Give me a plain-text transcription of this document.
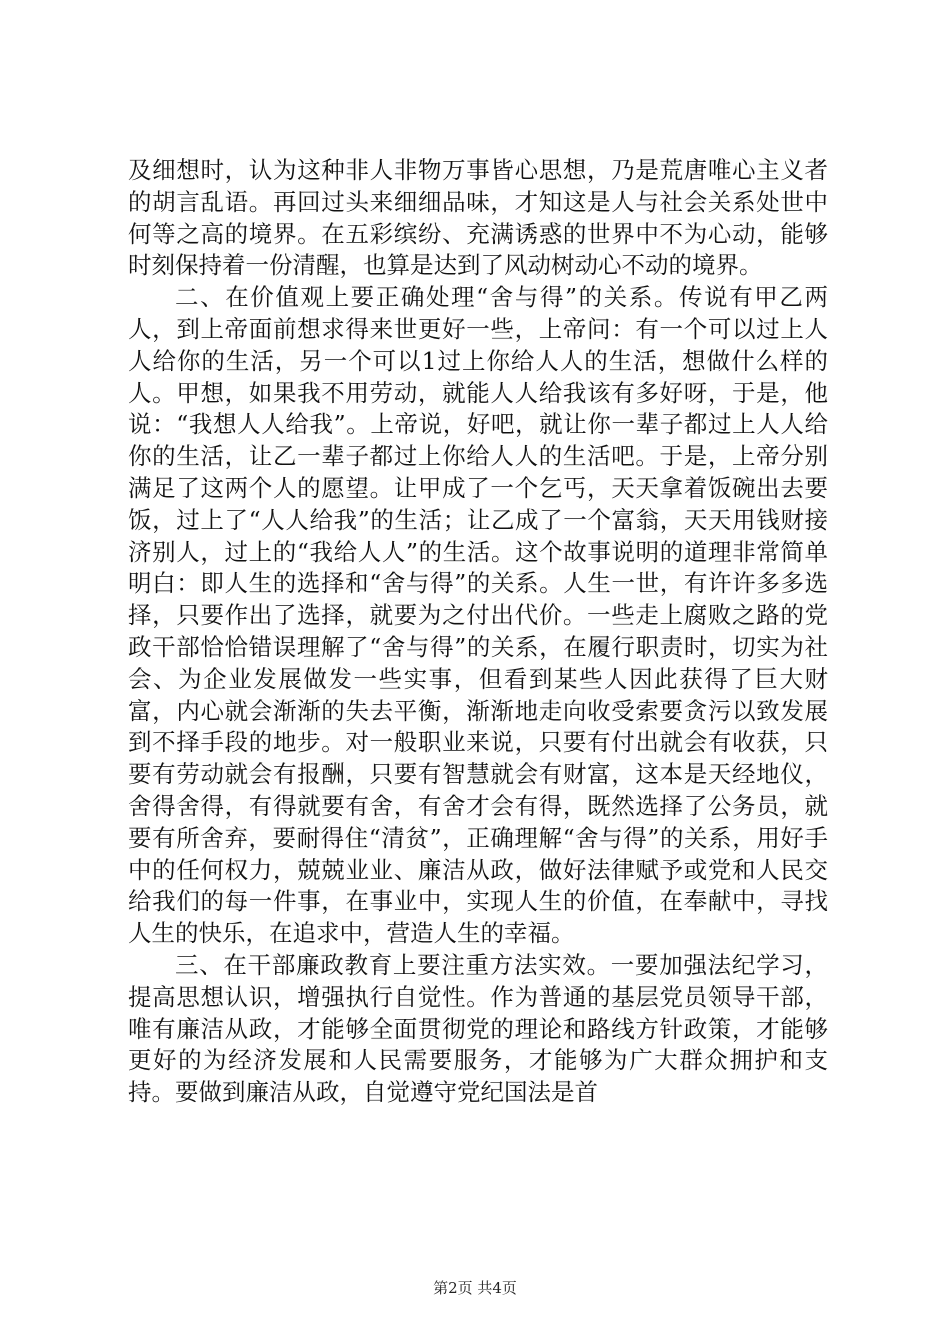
及细想时，认为这种非人非物万事皆心思想，乃是荒唐唯心主义者的胡言乱语。再回过头来细细品味，才知这是人与社会关系处世中何等之高的境界。在五彩缤纷、充满诱惑的世界中不为心动，能够时刻保持着一份清醒，也算是达到了风动树动心不动的境界。

二、在价值观上要正确处理“舍与得”的关系。传说有甲乙两人，到上帝面前想求得来世更好一些，上帝问：有一个可以过上人人给你的生活，另一个可以1过上你给人人的生活，想做什么样的人。甲想，如果我不用劳动，就能人人给我该有多好呀，于是，他说：“我想人人给我”。上帝说，好吧，就让你一辈子都过上人人给你的生活，让乙一辈子都过上你给人人的生活吧。于是，上帝分别满足了这两个人的愿望。让甲成了一个乞丐，天天拿着饭碗出去要饭，过上了“人人给我”的生活；让乙成了一个富翁，天天用钱财接济别人，过上的“我给人人”的生活。这个故事说明的道理非常简单明白：即人生的选择和“舍与得”的关系。人生一世，有许许多多选择，只要作出了选择，就要为之付出代价。一些走上腐败之路的党政干部恰恰错误理解了“舍与得”的关系，在履行职责时，切实为社会、为企业发展做发一些实事，但看到某些人因此获得了巨大财富，内心就会渐渐的失去平衡，渐渐地走向收受索要贪污以致发展到不择手段的地步。对一般职业来说，只要有付出就会有收获，只要有劳动就会有报酬，只要有智慧就会有财富，这本是天经地仪，舍得舍得，有得就要有舍，有舍才会有得，既然选择了公务员，就要有所舍弃，要耐得住“清贫”，正确理解“舍与得”的关系，用好手中的任何权力，兢兢业业、廉洁从政，做好法律赋予或党和人民交给我们的每一件事，在事业中，实现人生的价值，在奉献中，寻找人生的快乐，在追求中，营造人生的幸福。

三、在干部廉政教育上要注重方法实效。一要加强法纪学习，提高思想认识，增强执行自觉性。作为普通的基层党员领导干部，唯有廉洁从政，才能够全面贯彻党的理论和路线方针政策，才能够更好的为经济发展和人民需要服务，才能够为广大群众拥护和支持。要做到廉洁从政，自觉遵守党纪国法是首

第2页 共4页
